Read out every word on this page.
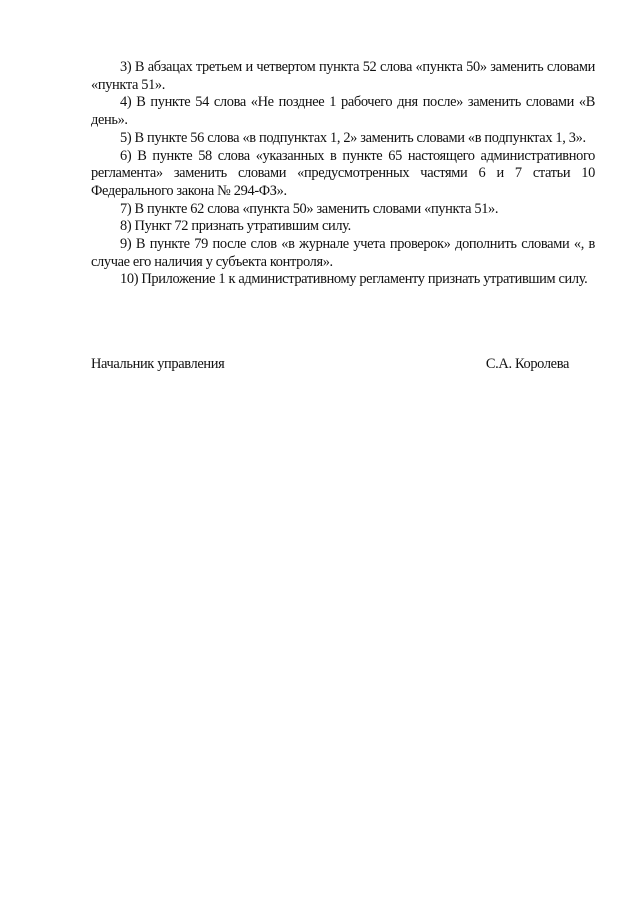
3) В абзацах третьем и четвертом пункта 52 слова «пункта 50» заменить словами «пункта 51».

4) В пункте 54 слова «Не позднее 1 рабочего дня после» заменить словами «В день».

5) В пункте 56 слова «в подпунктах 1, 2» заменить словами «в подпунктах 1, 3».

6) В пункте 58 слова «указанных в пункте 65 настоящего административного регламента» заменить словами «предусмотренных частями 6 и 7 статьи 10 Федерального закона № 294-ФЗ».

7) В пункте 62 слова «пункта 50» заменить словами «пункта 51».

8) Пункт 72 признать утратившим силу.

9) В пункте 79 после слов «в журнале учета проверок» дополнить словами «, в случае его наличия у субъекта контроля».

10) Приложение 1 к административному регламенту признать утратившим силу.

Начальник управления	С.А. Королева
